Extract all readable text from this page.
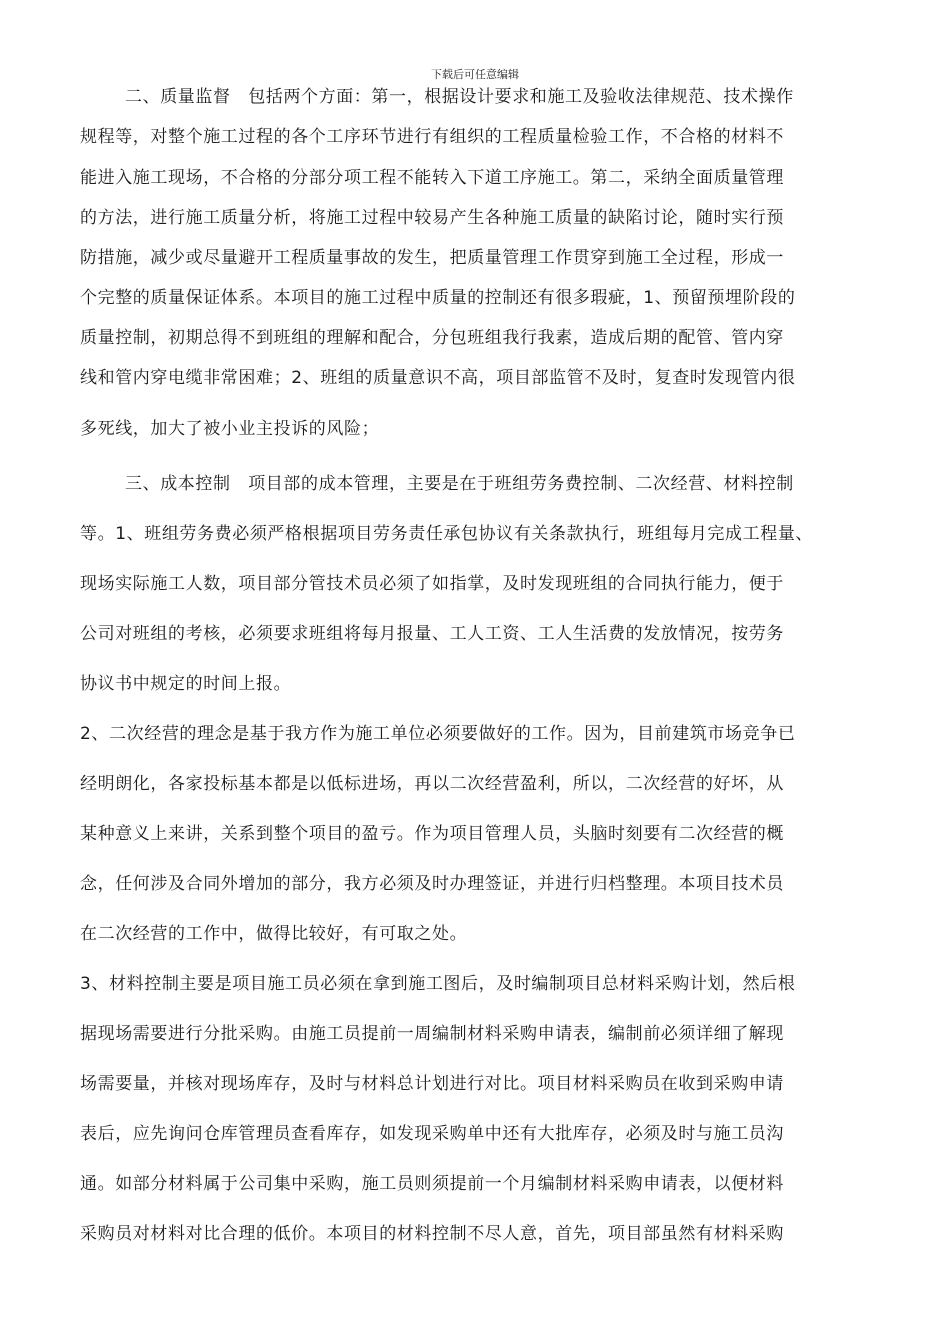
下载后可任意编辑
二、质量监督　包括两个方面：第一，根据设计要求和施工及验收法律规范、技术操作
规程等，对整个施工过程的各个工序环节进行有组织的工程质量检验工作，不合格的材料不
能进入施工现场，不合格的分部分项工程不能转入下道工序施工。第二，采纳全面质量管理
的方法，进行施工质量分析，将施工过程中较易产生各种施工质量的缺陷讨论，随时实行预
防措施，减少或尽量避开工程质量事故的发生，把质量管理工作贯穿到施工全过程，形成一
个完整的质量保证体系。本项目的施工过程中质量的控制还有很多瑕疵，1、预留预埋阶段的
质量控制，初期总得不到班组的理解和配合，分包班组我行我素，造成后期的配管、管内穿
线和管内穿电缆非常困难；2、班组的质量意识不高，项目部监管不及时，复查时发现管内很
多死线，加大了被小业主投诉的风险；
三、成本控制　项目部的成本管理，主要是在于班组劳务费控制、二次经营、材料控制
等。1、班组劳务费必须严格根据项目劳务责任承包协议有关条款执行，班组每月完成工程量、
现场实际施工人数，项目部分管技术员必须了如指掌，及时发现班组的合同执行能力，便于
公司对班组的考核，必须要求班组将每月报量、工人工资、工人生活费的发放情况，按劳务
协议书中规定的时间上报。
2、二次经营的理念是基于我方作为施工单位必须要做好的工作。因为，目前建筑市场竞争已
经明朗化，各家投标基本都是以低标进场，再以二次经营盈利，所以，二次经营的好坏，从
某种意义上来讲，关系到整个项目的盈亏。作为项目管理人员，头脑时刻要有二次经营的概
念，任何涉及合同外增加的部分，我方必须及时办理签证，并进行归档整理。本项目技术员
在二次经营的工作中，做得比较好，有可取之处。
3、材料控制主要是项目施工员必须在拿到施工图后，及时编制项目总材料采购计划，然后根
据现场需要进行分批采购。由施工员提前一周编制材料采购申请表，编制前必须详细了解现
场需要量，并核对现场库存，及时与材料总计划进行对比。项目材料采购员在收到采购申请
表后，应先询问仓库管理员查看库存，如发现采购单中还有大批库存，必须及时与施工员沟
通。如部分材料属于公司集中采购，施工员则须提前一个月编制材料采购申请表，以便材料
采购员对材料对比合理的低价。本项目的材料控制不尽人意，首先，项目部虽然有材料采购
